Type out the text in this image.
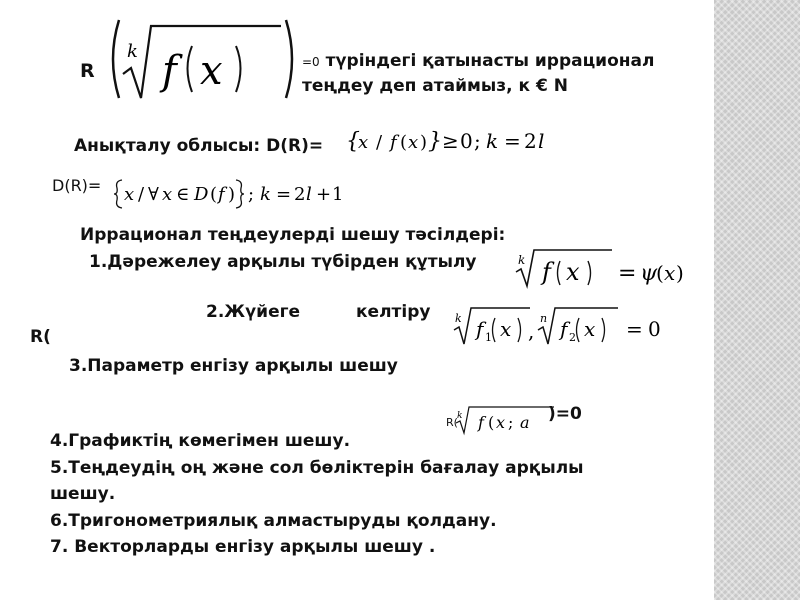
R
k f x	=0 түріндегі қатынасты иррационал
теңдеу деп атаймыз, к € N
Анықталу облысы: D(R)= {
x / f ( x ) } ≥ 0 ; k = 2 l
D(R)= x / ∀ x ∈ D ( f ) ; k = 2 l + 1
Иррационал теңдеулерді шешу тәсілдері:
1.Дәрежелеу арқылы түбірден құтылу	k f x = ψ
( x )
2.Жүйеге	келтіру k f 1 x ,
n f 2 x = 0
R(
3.Параметр енгізу арқылы шешу
R( k f ( x ; a )=0
4.Графиктің көмегімен шешу.
5.Теңдеудің оң және сол бөліктерін бағалау арқылы
шешу.
6.Тригонометриялық алмастыруды қолдану.
7. Векторларды енгізу арқылы шешу .
